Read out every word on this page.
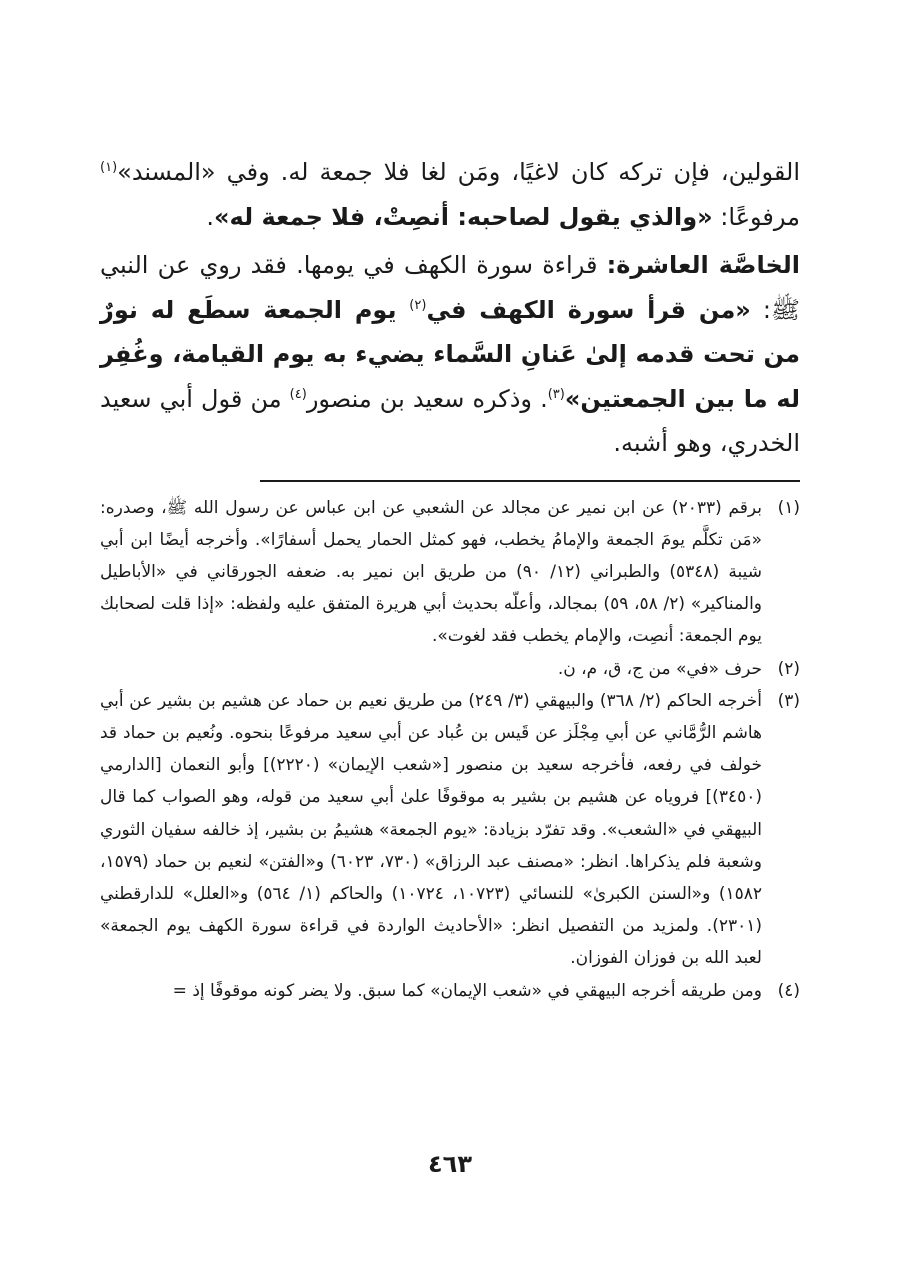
القولين، فإن تركه كان لاغيًا، ومَن لغا فلا جمعة له. وفي «المسند»$^{(١)}$ مرفوعًا: «والذي يقول لصاحبه: أنصِتْ، فلا جمعة له».

الخاصَّة العاشرة: قراءة سورة الكهف في يومها. فقد روي عن النبي ﷺ: «من قرأ سورة الكهف في$^{(٢)}$ يوم الجمعة سطَع له نورٌ من تحت قدمه إلىٰ عَنانِ السَّماء يضيء به يوم القيامة، وغُفِر له ما بين الجمعتين»$^{(٣)}$. وذكره سعيد بن منصور$^{(٤)}$ من قول أبي سعيد الخدري، وهو أشبه.

(١)
برقم (٢٠٣٣) عن ابن نمير عن مجالد عن الشعبي عن ابن عباس عن رسول الله ﷺ، وصدره: «مَن تكلَّم يومَ الجمعة والإمامُ يخطب، فهو كمثل الحمار يحمل أسفارًا». وأخرجه أيضًا ابن أبي شيبة (٥٣٤٨) والطبراني (١٢/ ٩٠) من طريق ابن نمير به. ضعفه الجورقاني في «الأباطيل والمناكير» (٢/ ٥٨، ٥٩) بمجالد، وأعلّه بحديث أبي هريرة المتفق عليه ولفظه: «إذا قلت لصحابك يوم الجمعة: أنصِت، والإمام يخطب فقد لغوت».
(٢)
حرف «في» من ج، ق، م، ن.
(٣)
أخرجه الحاكم (٢/ ٣٦٨) والبيهقي (٣/ ٢٤٩) من طريق نعيم بن حماد عن هشيم بن بشير عن أبي هاشم الرُّمَّاني عن أبي مِجْلَز عن قَيس بن عُباد عن أبي سعيد مرفوعًا بنحوه. ونُعيم بن حماد قد خولف في رفعه، فأخرجه سعيد بن منصور [«شعب الإيمان» (٢٢٢٠)] وأبو النعمان [الدارمي (٣٤٥٠)] فروياه عن هشيم بن بشير به موقوفًا علىٰ أبي سعيد من قوله، وهو الصواب كما قال البيهقي في «الشعب». وقد تفرّد بزيادة: «يوم الجمعة» هشيمُ بن بشير، إذ خالفه سفيان الثوري وشعبة فلم يذكراها. انظر: «مصنف عبد الرزاق» (٧٣٠، ٦٠٢٣) و«الفتن» لنعيم بن حماد (١٥٧٩، ١٥٨٢) و«السنن الكبرىٰ» للنسائي (١٠٧٢٣، ١٠٧٢٤) والحاكم (١/ ٥٦٤) و«العلل» للدارقطني (٢٣٠١). ولمزيد من التفصيل انظر: «الأحاديث الواردة في قراءة سورة الكهف يوم الجمعة» لعبد الله بن فوزان الفوزان.
(٤)
ومن طريقه أخرجه البيهقي في «شعب الإيمان» كما سبق. ولا يضر كونه موقوفًا إذ =
٤٦٣
